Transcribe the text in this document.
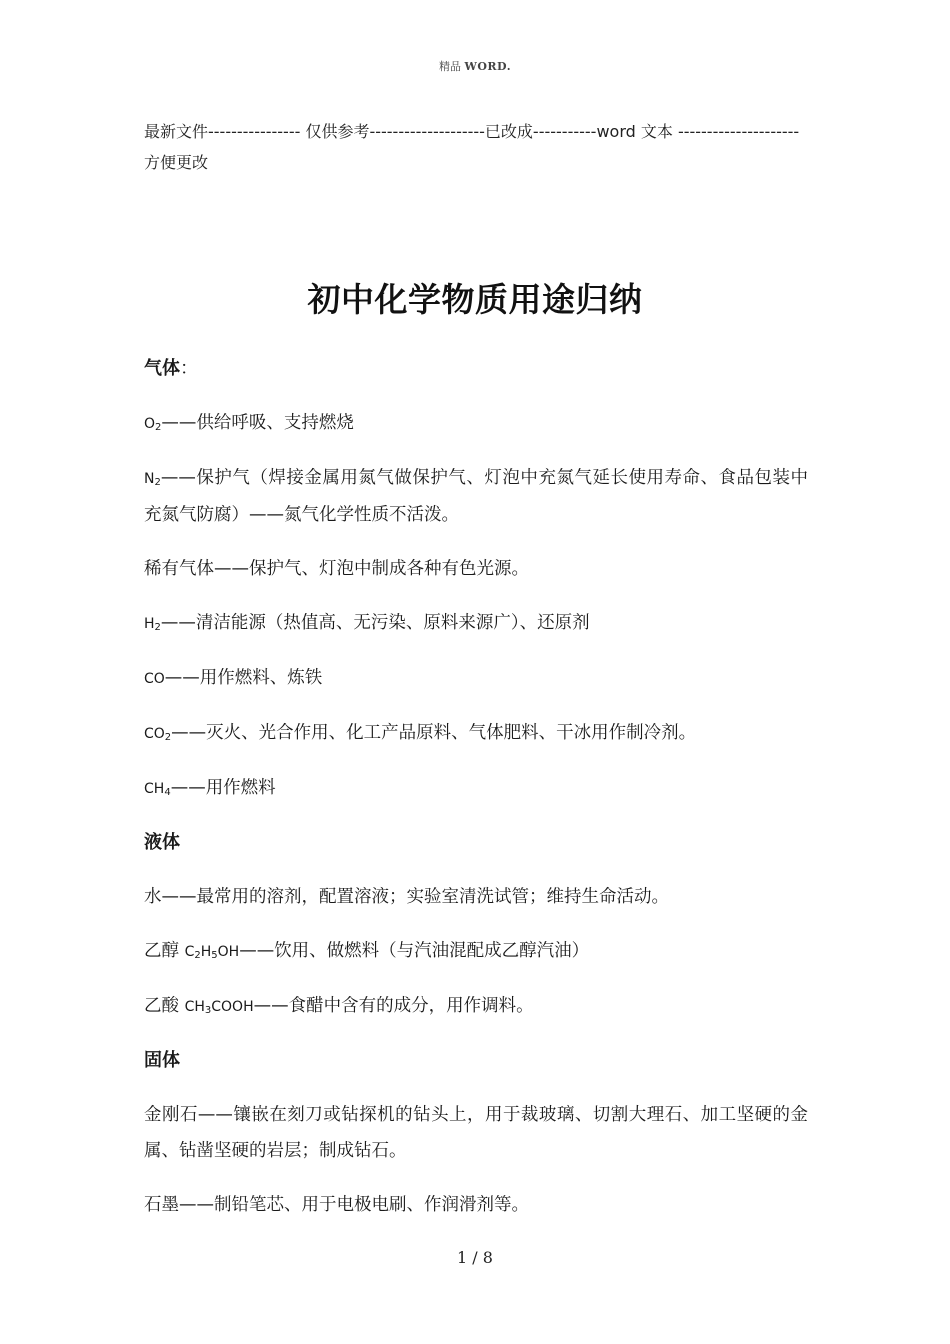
精品 WORD.
最新文件---------------- 仅供参考--------------------已改成-----------word 文本 --------------------- 方便更改
初中化学物质用途归纳
气体：
$O_2——$供给呼吸、支持燃烧
$N_2——$保护气（焊接金属用氮气做保护气、灯泡中充氮气延长使用寿命、食品包装中充氮气防腐）——氮气化学性质不活泼。
稀有气体——保护气、灯泡中制成各种有色光源。
$H_2——$清洁能源（热值高、无污染、原料来源广）、还原剂
CO——用作燃料、炼铁
$CO_2——$灭火、光合作用、化工产品原料、气体肥料、干冰用作制冷剂。
$CH_4——$用作燃料
液体
水——最常用的溶剂，配置溶液；实验室清洗试管；维持生命活动。
乙醇 $C_2H_5OH——$饮用、做燃料（与汽油混配成乙醇汽油）
乙酸 $CH_3COOH——$食醋中含有的成分，用作调料。
固体
金刚石——镶嵌在刻刀或钻探机的钻头上，用于裁玻璃、切割大理石、加工坚硬的金属、钻凿坚硬的岩层；制成钻石。
石墨——制铅笔芯、用于电极电刷、作润滑剂等。
1 / 8
